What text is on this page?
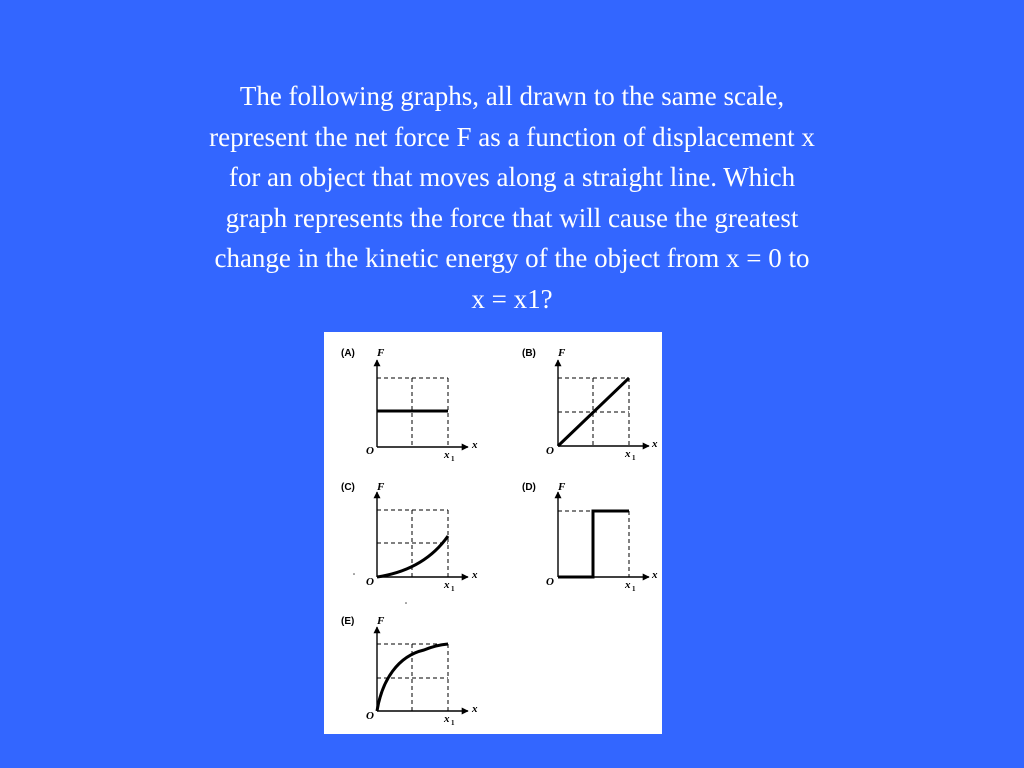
The following graphs, all drawn to the same scale,
represent the net force F as a function of displacement x
for an object that moves along a straight line. Which
graph represents the force that will cause the greatest
change in the kinetic energy of the object from x = 0 to
x = x1?

(A) F
x
O	x 1
(B) F
x
O	x 1
(C) F
x
O	x 1
(D) F
x
O	x 1
(E) F
x
O	x 1
